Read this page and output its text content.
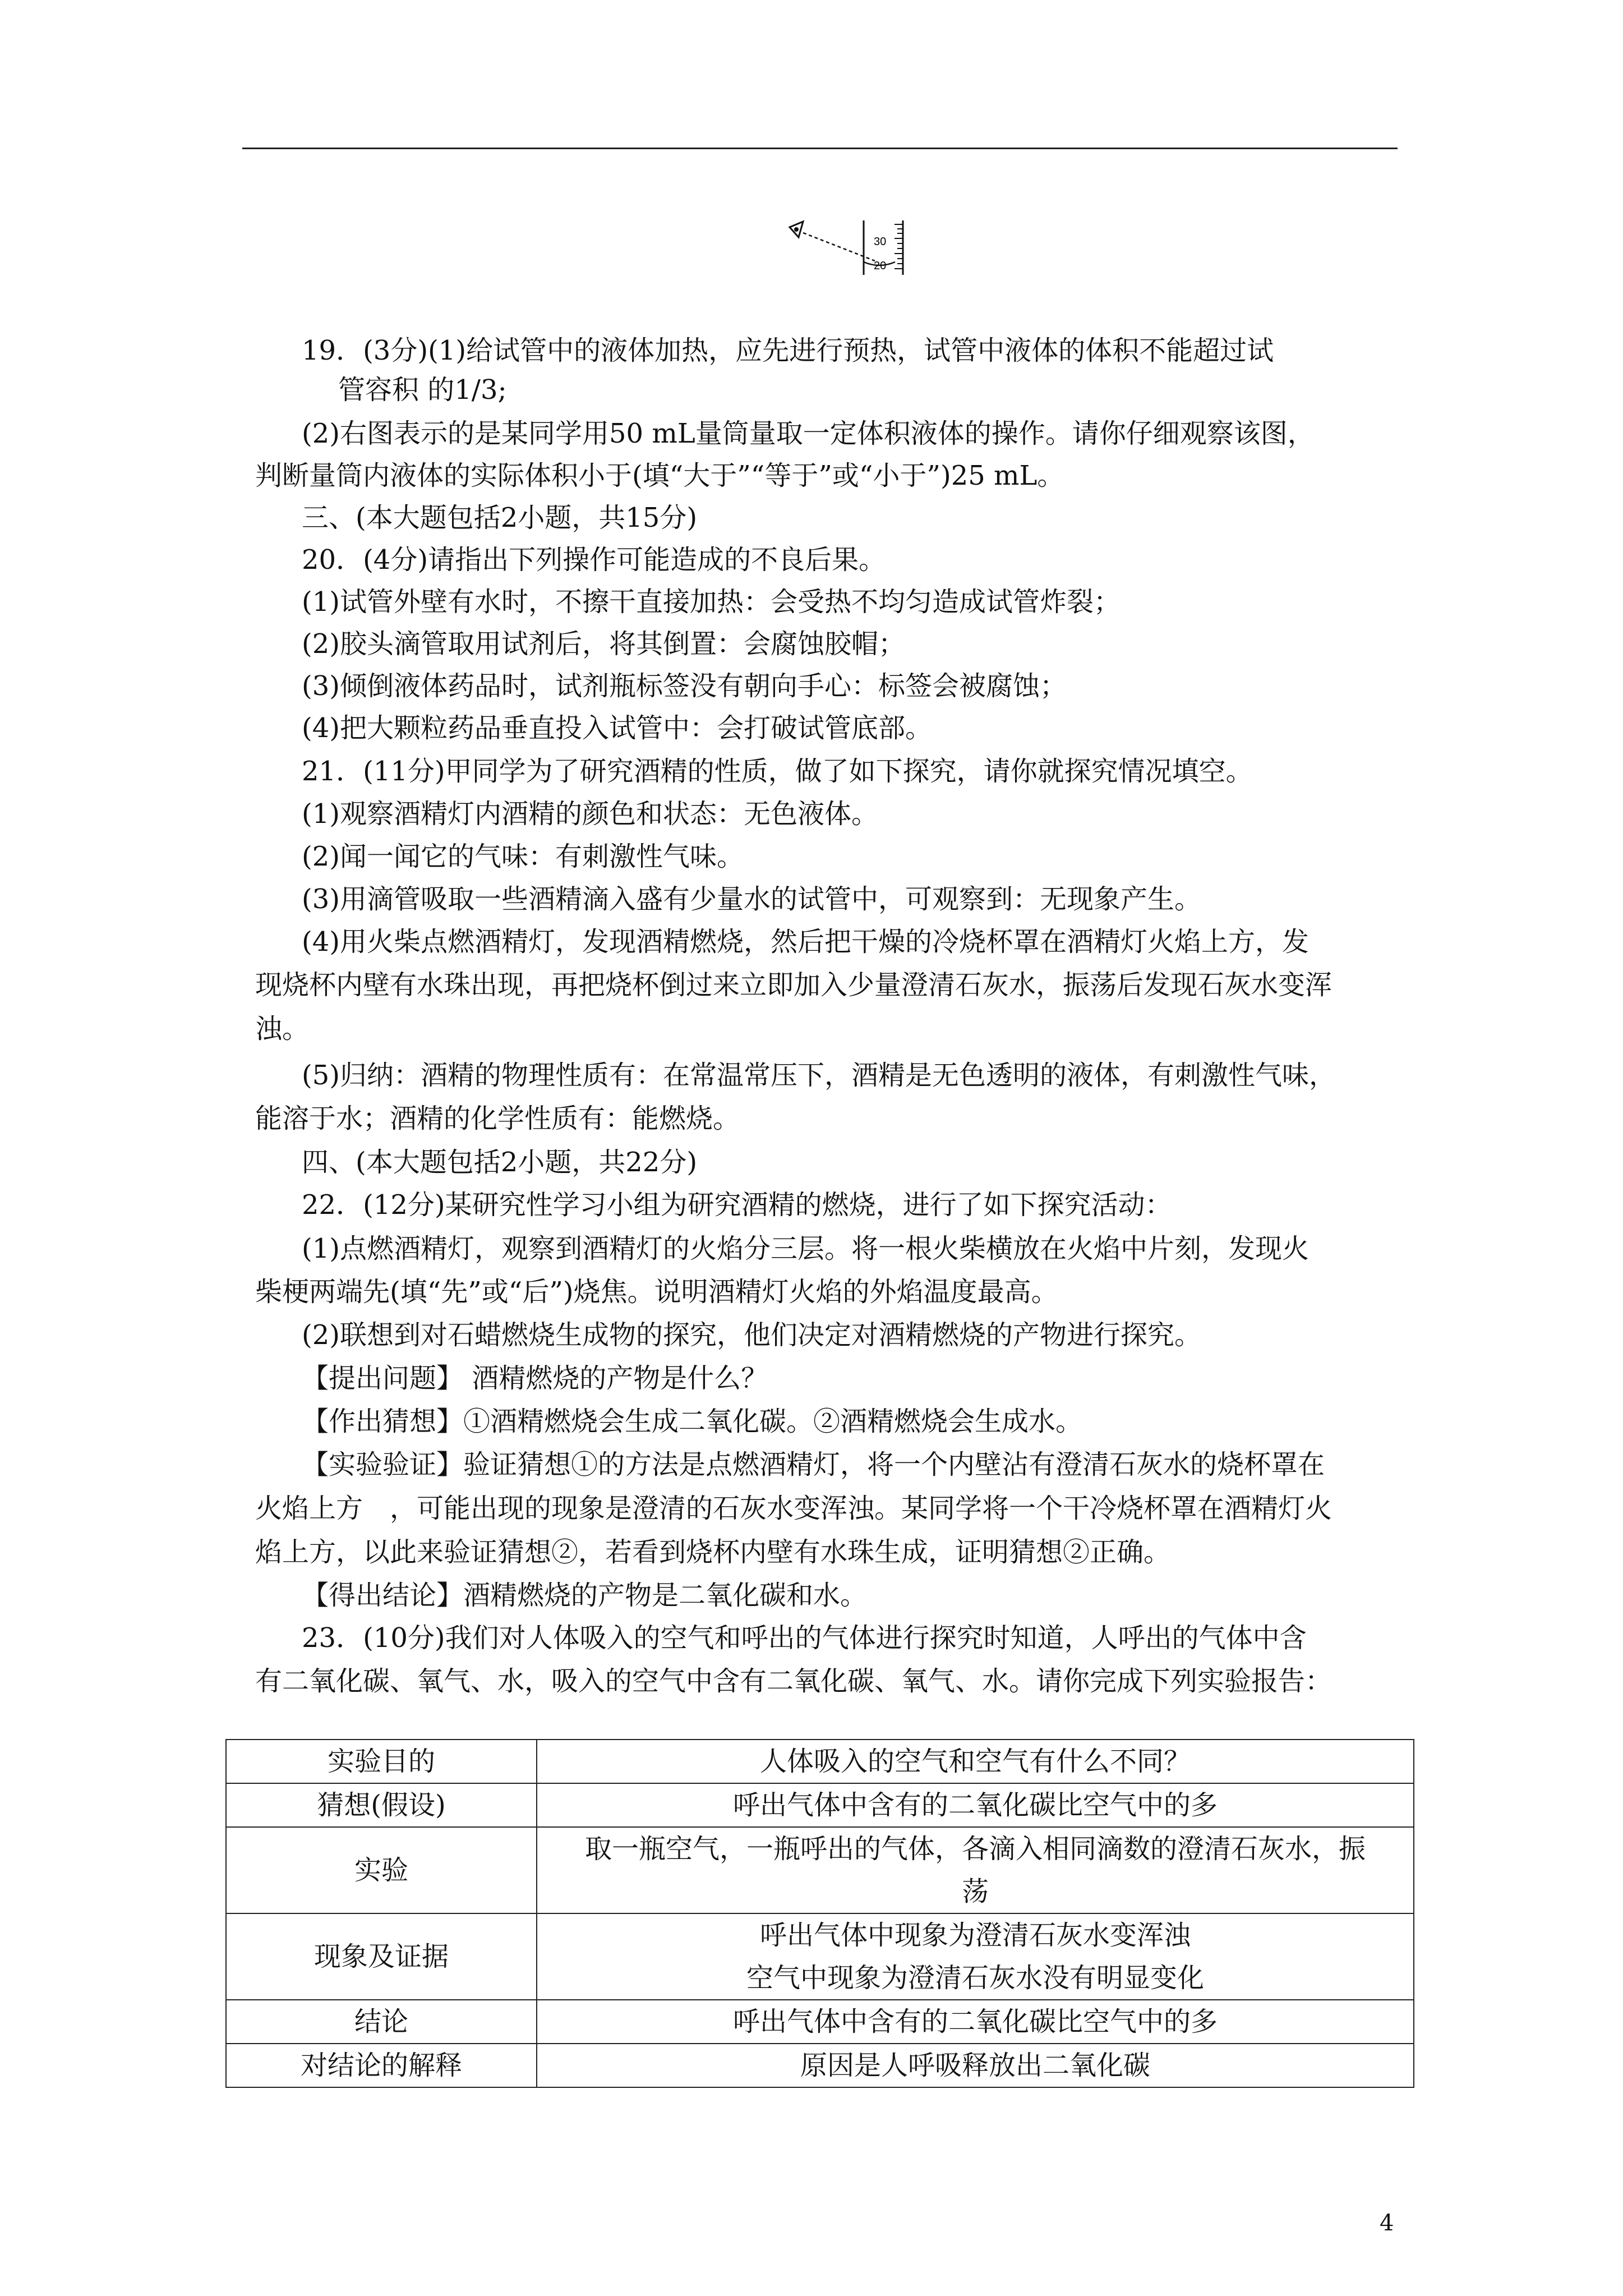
30
20
19．(3分)(1)给试管中的液体加热，应先进行预热，试管中液体的体积不能超过试
管容积 的1/3;
(2)右图表示的是某同学用50 mL量筒量取一定体积液体的操作。请你仔细观察该图，
判断量筒内液体的实际体积小于(填“大于”“等于”或“小于”)25 mL。
三、(本大题包括2小题，共15分)
20．(4分)请指出下列操作可能造成的不良后果。
(1)试管外壁有水时，不擦干直接加热：会受热不均匀造成试管炸裂；
(2)胶头滴管取用试剂后，将其倒置：会腐蚀胶帽；
(3)倾倒液体药品时，试剂瓶标签没有朝向手心：标签会被腐蚀；
(4)把大颗粒药品垂直投入试管中：会打破试管底部。
21．(11分)甲同学为了研究酒精的性质，做了如下探究，请你就探究情况填空。
(1)观察酒精灯内酒精的颜色和状态：无色液体。
(2)闻一闻它的气味：有刺激性气味。
(3)用滴管吸取一些酒精滴入盛有少量水的试管中，可观察到：无现象产生。
(4)用火柴点燃酒精灯，发现酒精燃烧，然后把干燥的冷烧杯罩在酒精灯火焰上方，发
现烧杯内壁有水珠出现，再把烧杯倒过来立即加入少量澄清石灰水，振荡后发现石灰水变浑
浊。
(5)归纳：酒精的物理性质有：在常温常压下，酒精是无色透明的液体，有刺激性气味，
能溶于水；酒精的化学性质有：能燃烧。
四、(本大题包括2小题，共22分)
22．(12分)某研究性学习小组为研究酒精的燃烧，进行了如下探究活动：
(1)点燃酒精灯，观察到酒精灯的火焰分三层。将一根火柴横放在火焰中片刻，发现火
柴梗两端先(填“先”或“后”)烧焦。说明酒精灯火焰的外焰温度最高。
(2)联想到对石蜡燃烧生成物的探究，他们决定对酒精燃烧的产物进行探究。
【提出问题】 酒精燃烧的产物是什么？
【作出猜想】①酒精燃烧会生成二氧化碳。②酒精燃烧会生成水。
【实验验证】验证猜想①的方法是点燃酒精灯，将一个内壁沾有澄清石灰水的烧杯罩在
火焰上方　，可能出现的现象是澄清的石灰水变浑浊。某同学将一个干冷烧杯罩在酒精灯火
焰上方，以此来验证猜想②，若看到烧杯内壁有水珠生成，证明猜想②正确。
【得出结论】酒精燃烧的产物是二氧化碳和水。
23．(10分)我们对人体吸入的空气和呼出的气体进行探究时知道，人呼出的气体中含
有二氧化碳、氧气、水，吸入的空气中含有二氧化碳、氧气、水。请你完成下列实验报告：
实验目的	人体吸入的空气和空气有什么不同？

猜想(假设)	呼出气体中含有的二氧化碳比空气中的多

实验	取一瓶空气，一瓶呼出的气体，各滴入相同滴数的澄清石灰水，振
荡

现象及证据	呼出气体中现象为澄清石灰水变浑浊
空气中现象为澄清石灰水没有明显变化

结论	呼出气体中含有的二氧化碳比空气中的多

对结论的解释	原因是人呼吸释放出二氧化碳
4
